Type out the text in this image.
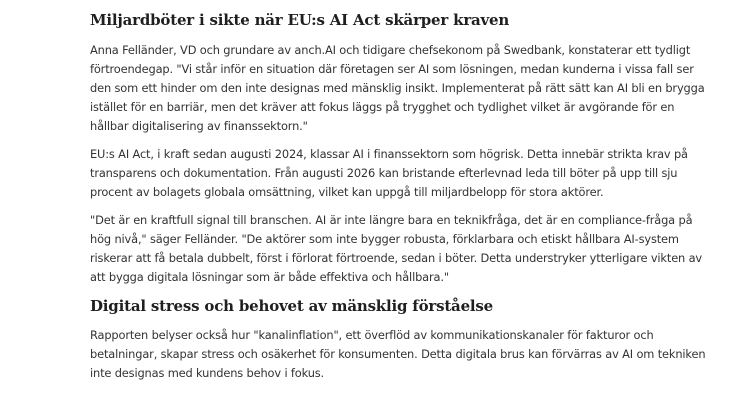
Miljardböter i sikte när EU:s AI Act skärper kraven

Anna Felländer, VD och grundare av anch.AI och tidigare chefsekonom på Swedbank, konstaterar ett tydligt förtroendegap. "Vi står inför en situation där företagen ser AI som lösningen, medan kunderna i vissa fall ser den som ett hinder om den inte designas med mänsklig insikt. Implementerat på rätt sätt kan AI bli en brygga istället för en barriär, men det kräver att fokus läggs på trygghet och tydlighet vilket är avgörande för en hållbar digitalisering av finanssektorn."

EU:s AI Act, i kraft sedan augusti 2024, klassar AI i finanssektorn som högrisk. Detta innebär strikta krav på transparens och dokumentation. Från augusti 2026 kan bristande efterlevnad leda till böter på upp till sju procent av bolagets globala omsättning, vilket kan uppgå till miljardbelopp för stora aktörer.

"Det är en kraftfull signal till branschen. AI är inte längre bara en teknikfråga, det är en compliance-fråga på hög nivå," säger Felländer. "De aktörer som inte bygger robusta, förklarbara och etiskt hållbara AI-system riskerar att få betala dubbelt, först i förlorat förtroende, sedan i böter. Detta understryker ytterligare vikten av att bygga digitala lösningar som är både effektiva och hållbara."

Digital stress och behovet av mänsklig förståelse

Rapporten belyser också hur "kanalinflation", ett överflöd av kommunikationskanaler för fakturor och betalningar, skapar stress och osäkerhet för konsumenten. Detta digitala brus kan förvärras av AI om tekniken inte designas med kundens behov i fokus.
